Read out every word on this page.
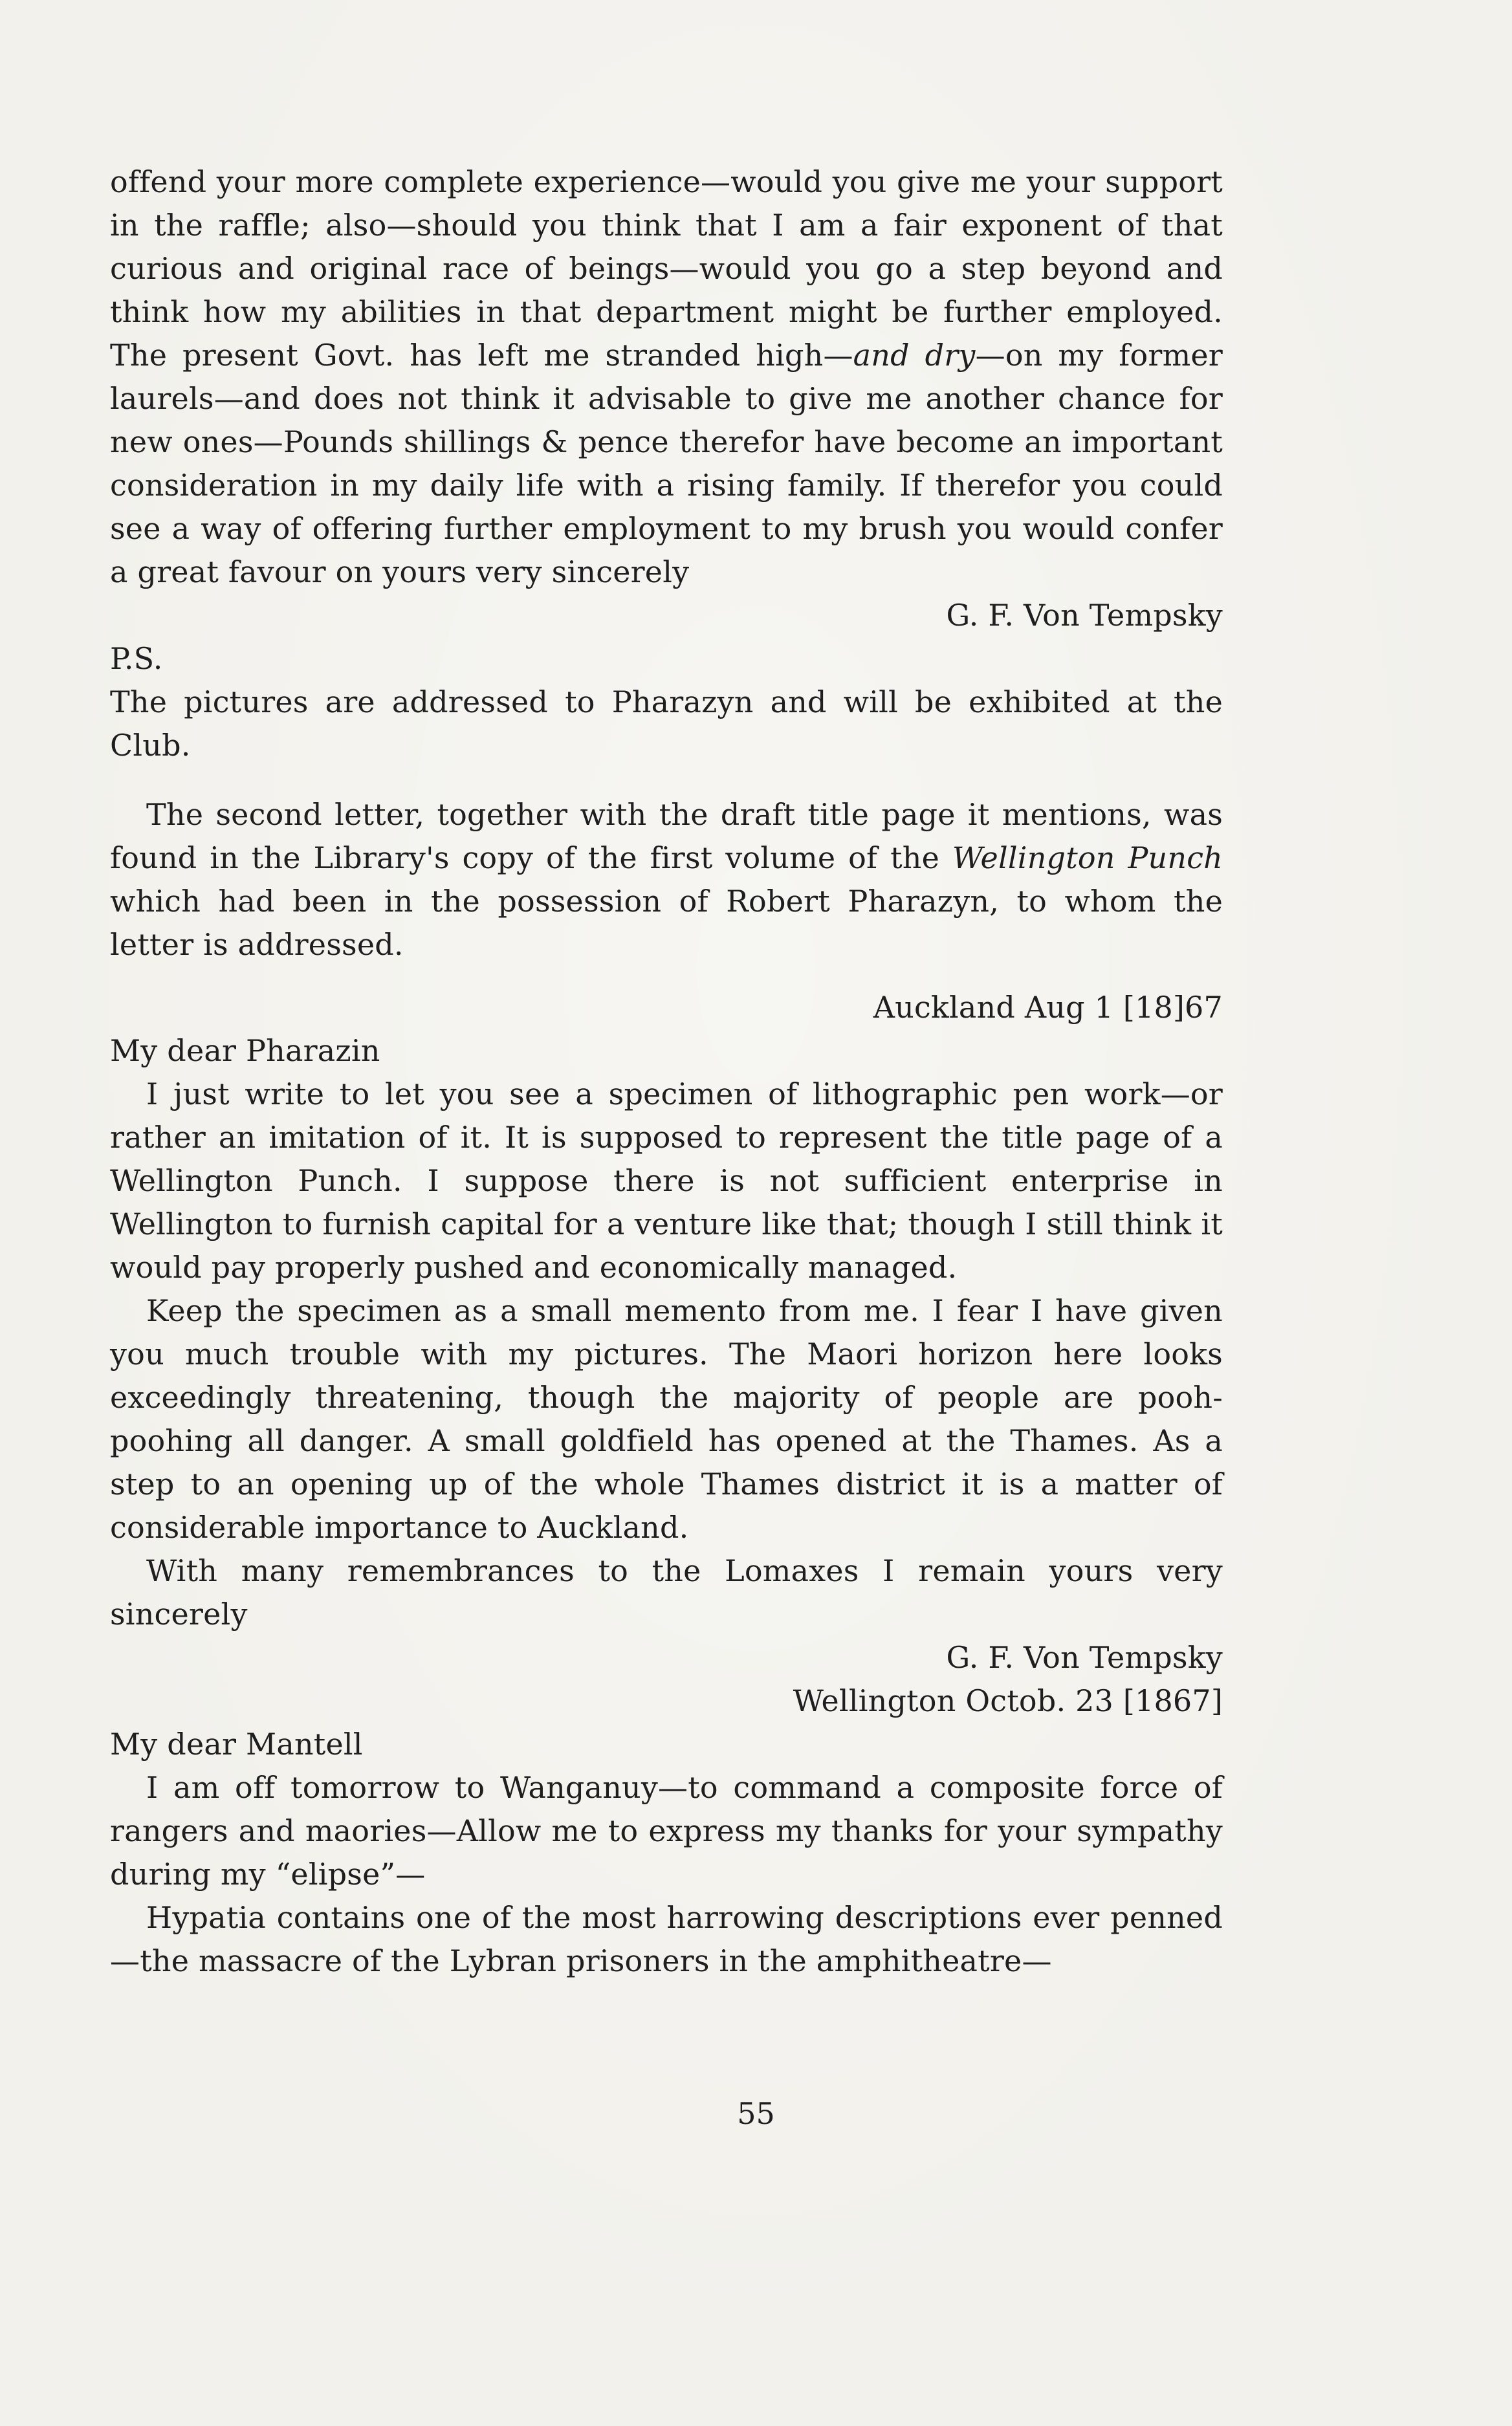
offend your more complete experience—would you give me your support in the raffle; also—should you think that I am a fair exponent of that curious and original race of beings—would you go a step beyond and think how my abilities in that department might be further employed. The present Govt. has left me stranded high—and dry—on my former laurels—and does not think it advisable to give me another chance for new ones—Pounds shillings & pence therefor have become an important consideration in my daily life with a rising family. If therefor you could see a way of offering further employment to my brush you would confer a great favour on yours very sincerely

G. F. Von Tempsky
P.S.

The pictures are addressed to Pharazyn and will be exhibited at the Club.

The second letter, together with the draft title page it mentions, was found in the Library's copy of the first volume of the Wellington Punch which had been in the possession of Robert Pharazyn, to whom the letter is addressed.

Auckland Aug 1 [18]67
My dear Pharazin

I just write to let you see a specimen of lithographic pen work—or rather an imitation of it. It is supposed to represent the title page of a Wellington Punch. I suppose there is not sufficient enterprise in Wellington to furnish capital for a venture like that; though I still think it would pay properly pushed and economically managed.

Keep the specimen as a small memento from me. I fear I have given you much trouble with my pictures. The Maori horizon here looks exceedingly threatening, though the majority of people are pooh-poohing all danger. A small goldfield has opened at the Thames. As a step to an opening up of the whole Thames district it is a matter of considerable importance to Auckland.

With many remembrances to the Lomaxes I remain yours very sincerely

G. F. Von Tempsky
Wellington Octob. 23 [1867]
My dear Mantell

I am off tomorrow to Wanganuy—to command a composite force of rangers and maories—Allow me to express my thanks for your sympathy during my “elipse”—

Hypatia contains one of the most harrowing descriptions ever penned —the massacre of the Lybran prisoners in the amphitheatre—

55
